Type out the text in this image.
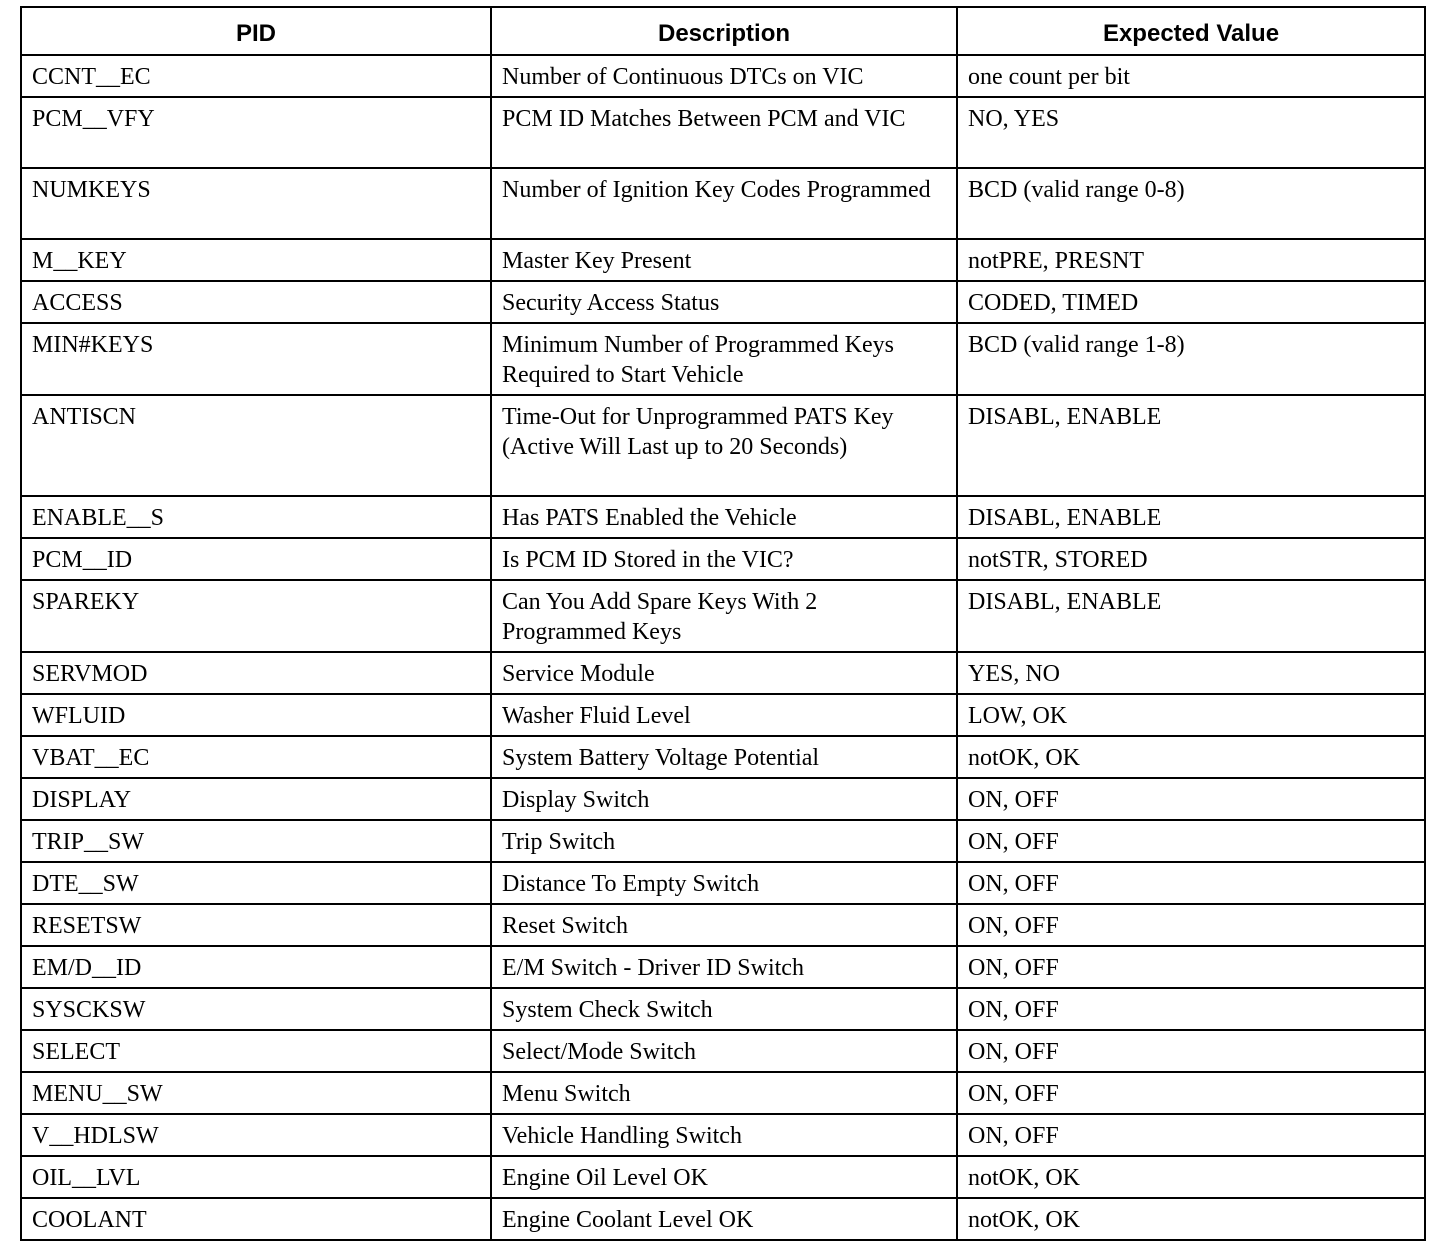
PID	Description	Expected Value
CCNT__EC	Number of Continuous DTCs on VIC	one count per bit
PCM__VFY	PCM ID Matches Between PCM and VIC	NO, YES
NUMKEYS	Number of Ignition Key Codes Programmed	BCD (valid range 0-8)
M__KEY	Master Key Present	notPRE, PRESNT
ACCESS	Security Access Status	CODED, TIMED
MIN#KEYS	Minimum Number of Programmed Keys Required to Start Vehicle	BCD (valid range 1-8)
ANTISCN	Time-Out for Unprogrammed PATS Key (Active Will Last up to 20 Seconds)	DISABL, ENABLE
ENABLE__S	Has PATS Enabled the Vehicle	DISABL, ENABLE
PCM__ID	Is PCM ID Stored in the VIC?	notSTR, STORED
SPAREKY	Can You Add Spare Keys With 2 Programmed Keys	DISABL, ENABLE
SERVMOD	Service Module	YES, NO
WFLUID	Washer Fluid Level	LOW, OK
VBAT__EC	System Battery Voltage Potential	notOK, OK
DISPLAY	Display Switch	ON, OFF
TRIP__SW	Trip Switch	ON, OFF
DTE__SW	Distance To Empty Switch	ON, OFF
RESETSW	Reset Switch	ON, OFF
EM/D__ID	E/M Switch - Driver ID Switch	ON, OFF
SYSCKSW	System Check Switch	ON, OFF
SELECT	Select/Mode Switch	ON, OFF
MENU__SW	Menu Switch	ON, OFF
V__HDLSW	Vehicle Handling Switch	ON, OFF
OIL__LVL	Engine Oil Level OK	notOK, OK
COOLANT	Engine Coolant Level OK	notOK, OK
